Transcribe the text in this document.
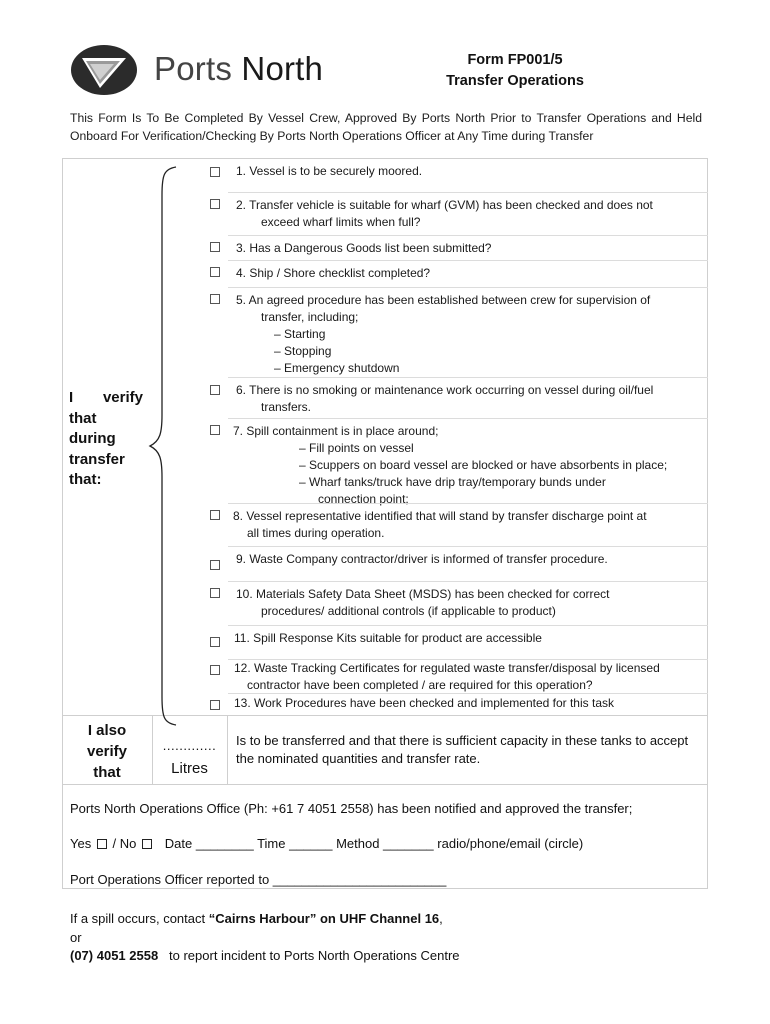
Ports North	Form FP001/5
Transfer Operations
This Form Is To Be Completed By Vessel Crew, Approved By Ports North Prior to Transfer Operations and Held Onboard For Verification/Checking By Ports North Operations Officer at Any Time during Transfer
I verify
that
during
transfer
that:
1. Vessel is to be securely moored.
2. Transfer vehicle is suitable for wharf (GVM) has been checked and does not
exceed wharf limits when full?
3. Has a Dangerous Goods list been submitted?
4. Ship / Shore checklist completed?
5. An agreed procedure has been established between crew for supervision of
transfer, including;
– Starting
– Stopping
– Emergency shutdown
6. There is no smoking or maintenance work occurring on vessel during oil/fuel
transfers.
7. Spill containment is in place around;
– Fill points on vessel
– Scuppers on board vessel are blocked or have absorbents in place;
– Wharf tanks/truck have drip tray/temporary bunds under
connection point;
8. Vessel representative identified that will stand by transfer discharge point at
all times during operation.
9. Waste Company contractor/driver is informed of transfer procedure.
10. Materials Safety Data Sheet (MSDS) has been checked for correct
procedures/ additional controls (if applicable to product)
11. Spill Response Kits suitable for product are accessible
12. Waste Tracking Certificates for regulated waste transfer/disposal by licensed
contractor have been completed / are required for this operation?
13. Work Procedures have been checked and implemented for this task
I also
verify
that
.............
Litres
Is to be transferred and that there is sufficient capacity in these tanks to accept the nominated quantities and transfer rate.
Ports North Operations Office (Ph: +61 7 4051 2558) has been notified and approved the transfer;
Yes / No Date ________ Time ______ Method _______ radio/phone/email (circle)
Port Operations Officer reported to ________________________
If a spill occurs, contact “Cairns Harbour” on UHF Channel 16,
or
(07) 4051 2558   to report incident to Ports North Operations Centre
